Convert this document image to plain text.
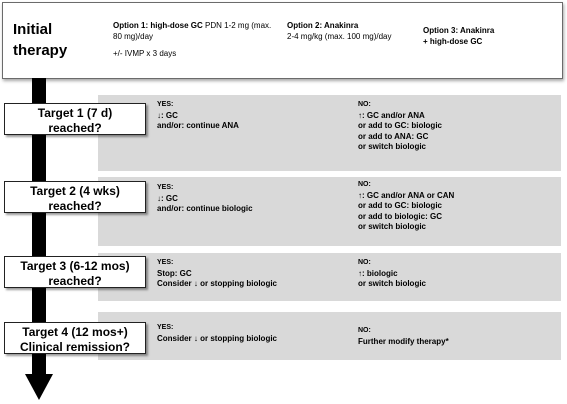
Initial
therapy
Option 1: high-dose GC PDN 1-2 mg (max. 80 mg)/day
+/- IVMP x 3 days
Option 2: Anakinra
2-4 mg/kg (max. 100 mg)/day
Option 3: Anakinra
+ high-dose GC
Target 1 (7 d)
reached?
Target 2 (4 wks)
reached?
Target 3 (6-12 mos)
reached?
Target 4 (12 mos+)
Clinical remission?
YES:
↓: GC
and/or: continue ANA
NO:
↑: GC and/or ANA
or add to GC: biologic
or add to ANA: GC
or switch biologic
YES:
↓: GC
and/or: continue biologic
NO:
↑: GC and/or ANA or CAN
or add to GC: biologic
or add to biologic: GC
or switch biologic
YES:
Stop: GC
Consider ↓ or stopping biologic
NO:
↑: biologic
or switch biologic
YES:
Consider ↓ or stopping biologic
NO:
Further modify therapy*
